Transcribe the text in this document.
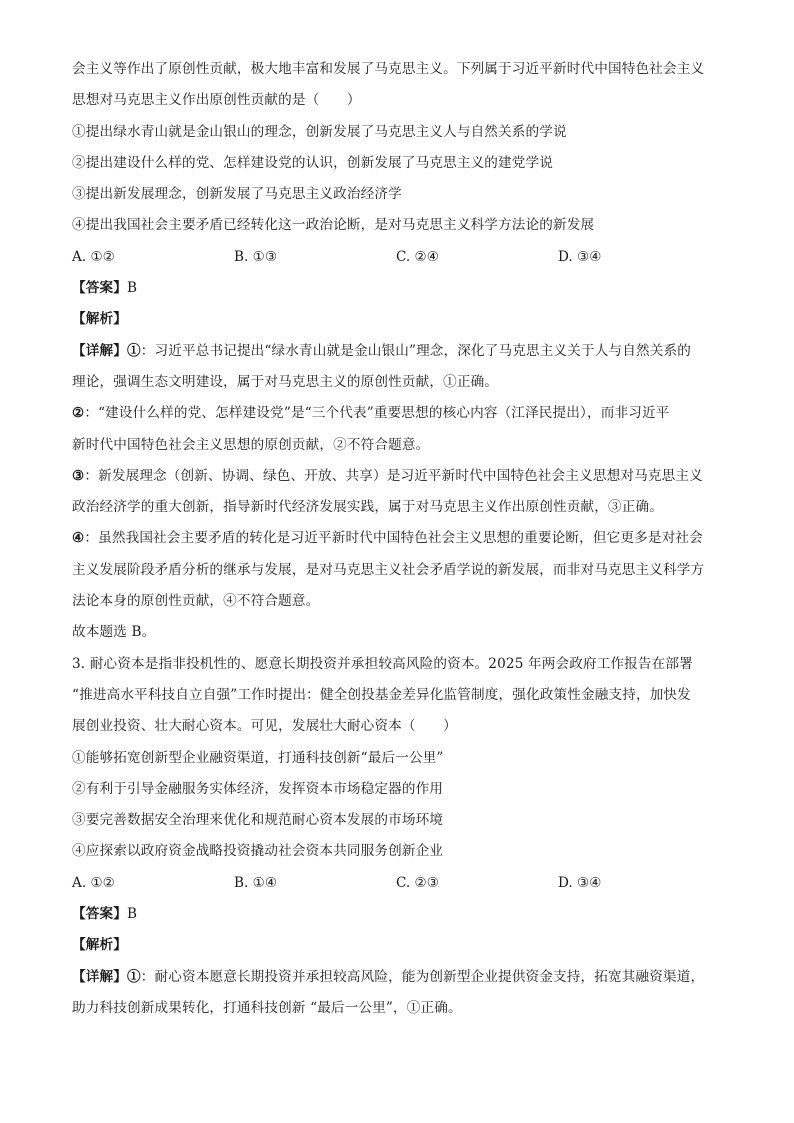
会主义等作出了原创性贡献，极大地丰富和发展了马克思主义。下列属于习近平新时代中国特色社会主义
思想对马克思主义作出原创性贡献的是（　　）
①提出绿水青山就是金山银山的理念，创新发展了马克思主义人与自然关系的学说
②提出建设什么样的党、怎样建设党的认识，创新发展了马克思主义的建党学说
③提出新发展理念，创新发展了马克思主义政治经济学
④提出我国社会主要矛盾已经转化这一政治论断，是对马克思主义科学方法论的新发展
A. ①②	B. ①③	C. ②④	D. ③④
【答案】B
【解析】
【详解】①：习近平总书记提出“绿水青山就是金山银山”理念，深化了马克思主义关于人与自然关系的
理论，强调生态文明建设，属于对马克思主义的原创性贡献，①正确。
②：“建设什么样的党、怎样建设党”是“三个代表”重要思想的核心内容（江泽民提出），而非习近平
新时代中国特色社会主义思想的原创贡献，②不符合题意。
③：新发展理念（创新、协调、绿色、开放、共享）是习近平新时代中国特色社会主义思想对马克思主义
政治经济学的重大创新，指导新时代经济发展实践，属于对马克思主义作出原创性贡献，③正确。
④：虽然我国社会主要矛盾的转化是习近平新时代中国特色社会主义思想的重要论断，但它更多是对社会
主义发展阶段矛盾分析的继承与发展，是对马克思主义社会矛盾学说的新发展，而非对马克思主义科学方
法论本身的原创性贡献，④不符合题意。
故本题选 B。
3. 耐心资本是指非投机性的、愿意长期投资并承担较高风险的资本。2025 年两会政府工作报告在部署
“推进高水平科技自立自强”工作时提出：健全创投基金差异化监管制度，强化政策性金融支持，加快发
展创业投资、壮大耐心资本。可见，发展壮大耐心资本（　　）
①能够拓宽创新型企业融资渠道，打通科技创新“最后一公里”
②有利于引导金融服务实体经济，发挥资本市场稳定器的作用
③要完善数据安全治理来优化和规范耐心资本发展的市场环境
④应探索以政府资金战略投资撬动社会资本共同服务创新企业
A. ①②	B. ①④	C. ②③	D. ③④
【答案】B
【解析】
【详解】①：耐心资本愿意长期投资并承担较高风险，能为创新型企业提供资金支持，拓宽其融资渠道，
助力科技创新成果转化，打通科技创新 “最后一公里”，①正确。
